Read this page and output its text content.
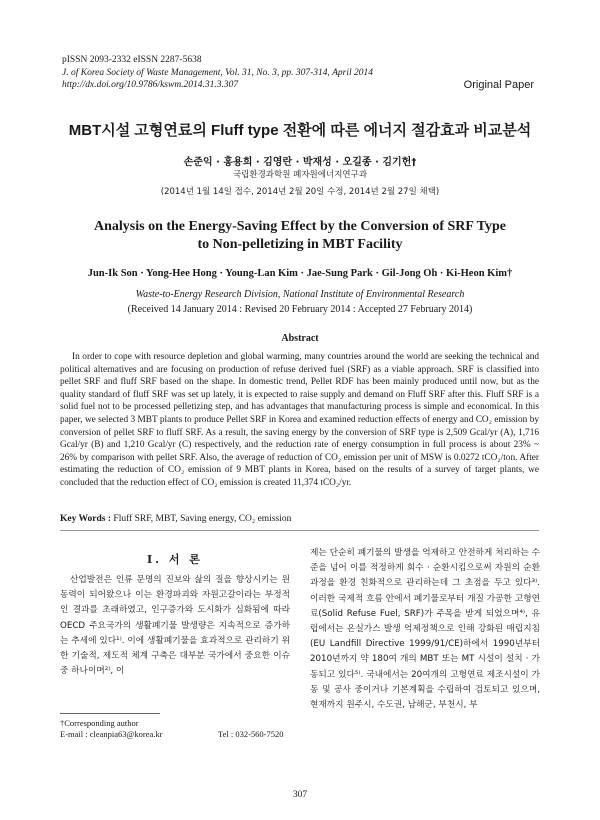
pISSN 2093-2332 eISSN 2287-5638
J. of Korea Society of Waste Management, Vol. 31, No. 3, pp. 307-314, April 2014
http://dx.doi.org/10.9786/kswm.2014.31.3.307	Original Paper
MBT시설 고형연료의 Fluff type 전환에 따른 에너지 절감효과 비교분석
손준익 · 홍용희 · 김영란 · 박재성 · 오길종 · 김기헌†
국립환경과학원 폐자원에너지연구과
(2014년 1월 14일 접수, 2014년 2월 20일 수정, 2014년 2월 27일 채택)
Analysis on the Energy-Saving Effect by the Conversion of SRF Type
to Non-pelletizing in MBT Facility
Jun-Ik Son · Yong-Hee Hong · Young-Lan Kim · Jae-Sung Park · Gil-Jong Oh · Ki-Heon Kim†
Waste-to-Energy Research Division, National Institute of Environmental Research
(Received 14 January 2014 : Revised 20 February 2014 : Accepted 27 February 2014)
Abstract
In order to cope with resource depletion and global warming, many countries around the world are seeking the technical and political alternatives and are focusing on production of refuse derived fuel (SRF) as a viable approach. SRF is classified into pellet SRF and fluff SRF based on the shape. In domestic trend, Pellet RDF has been mainly produced until now, but as the quality standard of fluff SRF was set up lately, it is expected to raise supply and demand on Fluff SRF after this. Fluff SRF is a solid fuel not to be processed pelletizing step, and has advantages that manufacturing process is simple and economical. In this paper, we selected 3 MBT plants to produce Pellet SRF in Korea and examined reduction effects of energy and CO₂ emission by conversion of pellet SRF to fluff SRF. As a result, the saving energy by the conversion of SRF type is 2,509 Gcal/yr (A), 1,716 Gcal/yr (B) and 1,210 Gcal/yr (C) respectively, and the reduction rate of energy consumption in full process is about 23% ~ 26% by comparison with pellet SRF. Also, the average of reduction of CO₂ emission per unit of MSW is 0.0272 tCO₂/ton. After estimating the reduction of CO₂ emission of 9 MBT plants in Korea, based on the results of a survey of target plants, we concluded that the reduction effect of CO₂ emission is created 11,374 tCO₂/yr.
Key Words : Fluff SRF, MBT, Saving energy, CO₂ emission
I. 서 론
산업발전은 인류 문명의 진보와 삶의 질을 향상시키는 원동력이 되어왔으나 이는 환경파괴와 자원고갈이라는 부정적인 결과를 초래하였고, 인구증가와 도시화가 심화됨에 따라 OECD 주요국가의 생활폐기물 발생량은 지속적으로 증가하는 추세에 있다¹⁾. 이에 생활폐기물을 효과적으로 관리하기 위한 기술적, 제도적 체계 구축은 대부분 국가에서 중요한 이슈 중 하나이며²⁾, 이
제는 단순히 폐기물의 발생을 억제하고 안전하게 처리하는 수준을 넘어 이를 적정하게 회수 · 순환시킴으로써 자원의 순환과정을 환경 친화적으로 관리하는데 그 초점을 두고 있다³⁾. 이러한 국제적 흐름 안에서 폐기물로부터 개질 가공한 고형연료(Solid Refuse Fuel, SRF)가 주목을 받게 되었으며⁴⁾, 유럽에서는 온실가스 발생 억제정책으로 인해 강화된 매립지침(EU Landfill Directive 1999/91/CE)하에서 1990년부터 2010년까지 약 180여 개의 MBT 또는 MT 시설이 설치 · 가동되고 있다⁵⁾. 국내에서는 20여개의 고형연료 제조시설이 가동 및 공사 중이거나 기본계획을 수립하여 검토되고 있으며, 현재까지 원주시, 수도권, 남해군, 부천시, 부
†Corresponding author
E-mail : cleanpia63@korea.kr	Tel : 032-560-7520
307
